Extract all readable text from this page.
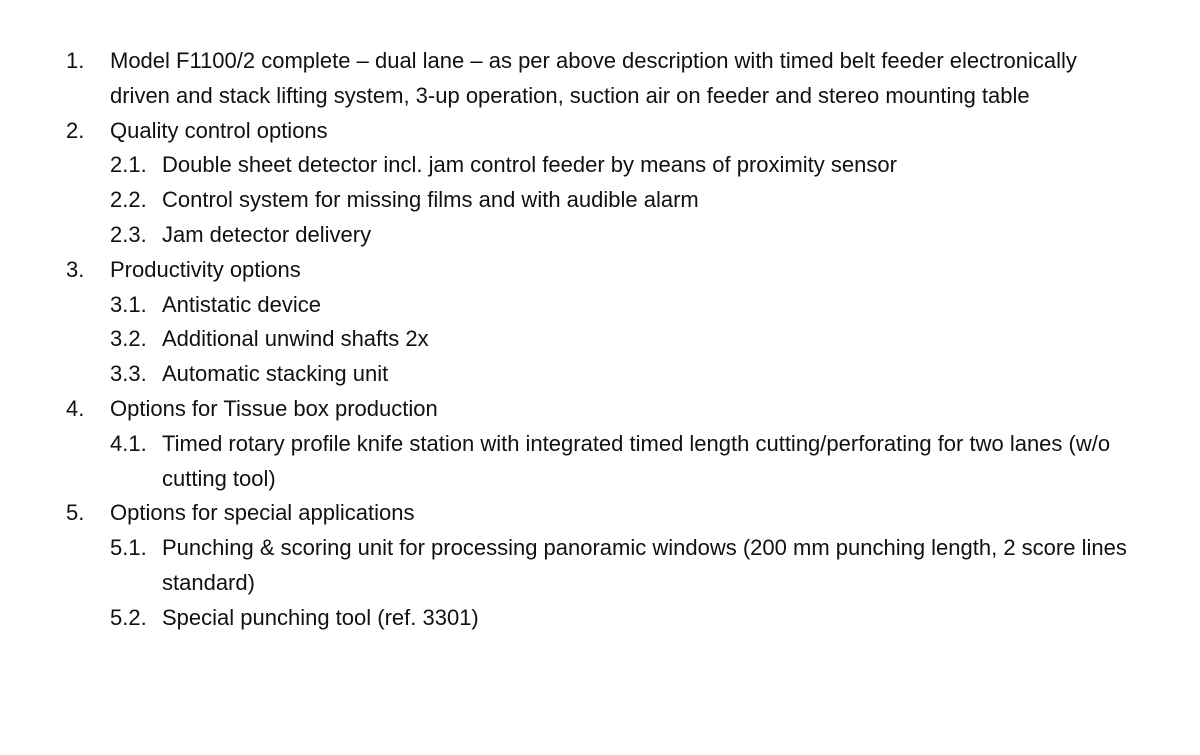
1.	Model F1100/2 complete – dual lane – as per above description with timed belt feeder electronically driven and stack lifting system, 3-up operation, suction air on feeder and stereo mounting table
2.	Quality control options
2.1. Double sheet detector incl. jam control feeder by means of proximity sensor
2.2. Control system for missing films and with audible alarm
2.3. Jam detector delivery
3.	Productivity options
3.1. Antistatic device
3.2. Additional unwind shafts 2x
3.3. Automatic stacking unit
4.	Options for Tissue box production
4.1. Timed rotary profile knife station with integrated timed length cutting/perforating for two lanes (w/o cutting tool)
5.	Options for special applications
5.1. Punching & scoring unit for processing panoramic windows (200 mm punching length, 2 score lines standard)
5.2. Special punching tool (ref. 3301)
